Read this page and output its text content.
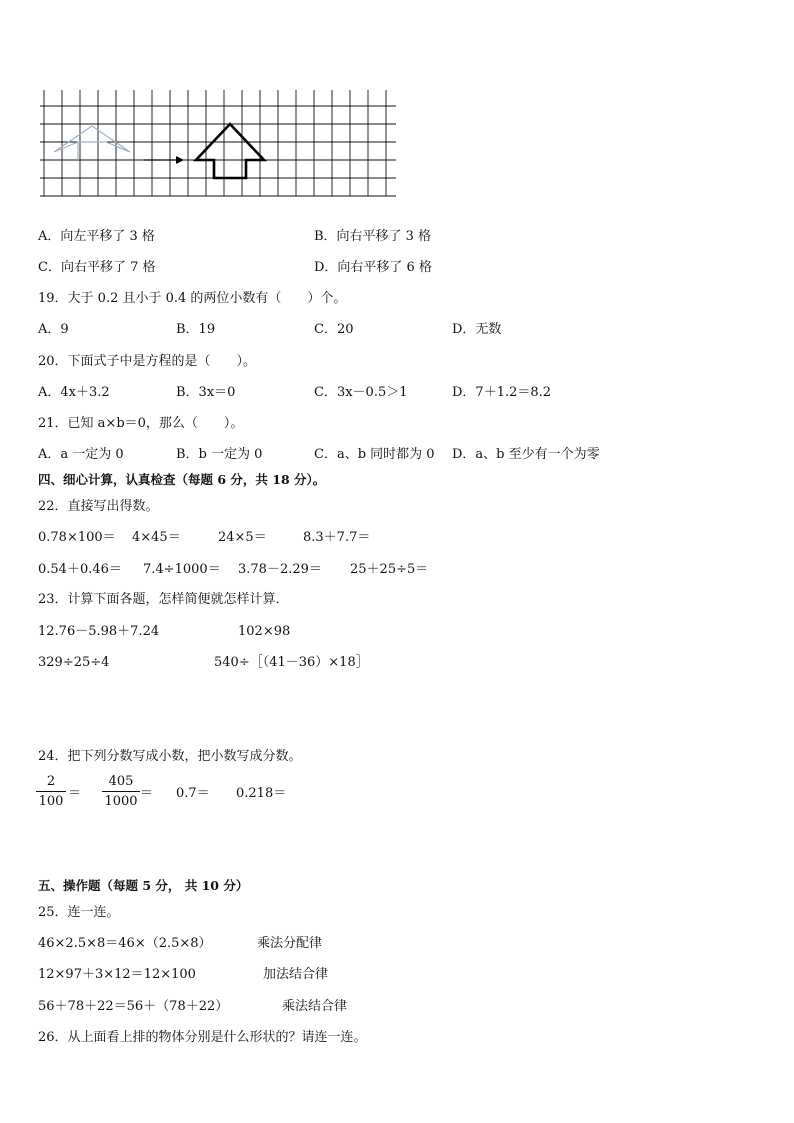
A．向左平移了 3 格	B．向右平移了 3 格
C．向右平移了 7 格	D．向右平移了 6 格
19．大于 0.2 且小于 0.4 的两位小数有（　　）个。
A．9	B．19	C．20	D．无数
20．下面式子中是方程的是（　　）。
A．4x＋3.2	B．3x＝0	C．3x－0.5＞1	D．7＋1.2＝8.2
21．已知 a×b＝0，那么（　　）。
A．a 一定为 0	B．b 一定为 0	C．a、b 同时都为 0 D．a、b 至少有一个为零
四、细心计算，认真检查（每题 6 分，共 18 分）。
22．直接写出得数。
0.78×100＝ 4×45＝	24×5＝	8.3＋7.7＝
0.54＋0.46＝ 7.4÷1000＝ 3.78－2.29＝ 25＋25÷5＝
23．计算下面各题，怎样简便就怎样计算．
12.76－5.98＋7.24	102×98
329÷25÷4	540÷［（41－36）×18］
24．把下列分数写成小数，把小数写成分数。
2
100
＝
405
1000
＝ 0.7＝ 0.218＝
五、操作题（每题 5 分， 共 10 分）
25．连一连。
46×2.5×8＝46×（2.5×8）	乘法分配律
12×97＋3×12＝12×100	加法结合律
56＋78＋22＝56＋（78＋22）	乘法结合律
26．从上面看上排的物体分别是什么形状的？请连一连。
